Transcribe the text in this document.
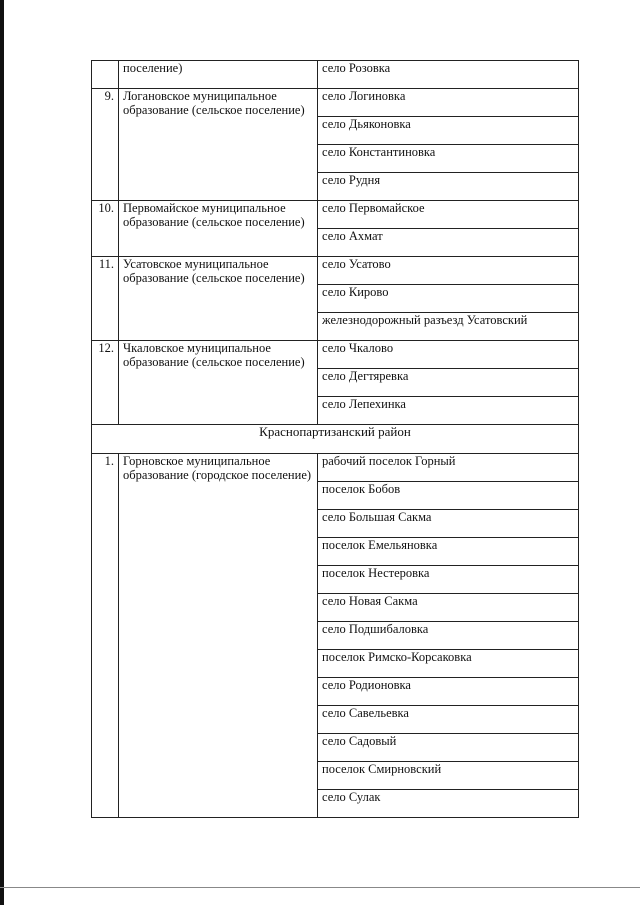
	поселение)	село Розовка
9.	Логановское муниципальное образование (сельское поселение)	село Логиновка
		село Дьяконовка
		село Константиновка
		село Рудня
10.	Первомайское муниципальное образование (сельское поселение)	село Первомайское
		село Ахмат
11.	Усатовское муниципальное образование (сельское поселение)	село Усатово
		село Кирово
		железнодорожный разъезд Усатовский
12.	Чкаловское муниципальное образование (сельское поселение)	село Чкалово
		село Дегтяревка
		село Лепехинка
Краснопартизанский район		
1.	Горновское муниципальное образование (городское поселение)	рабочий поселок Горный
		поселок Бобов
		село Большая Сакма
		поселок Емельяновка
		поселок Нестеровка
		село Новая Сакма
		село Подшибаловка
		поселок Римско-Корсаковка
		село Родионовка
		село Савельевка
		село Садовый
		поселок Смирновский
		село Сулак
